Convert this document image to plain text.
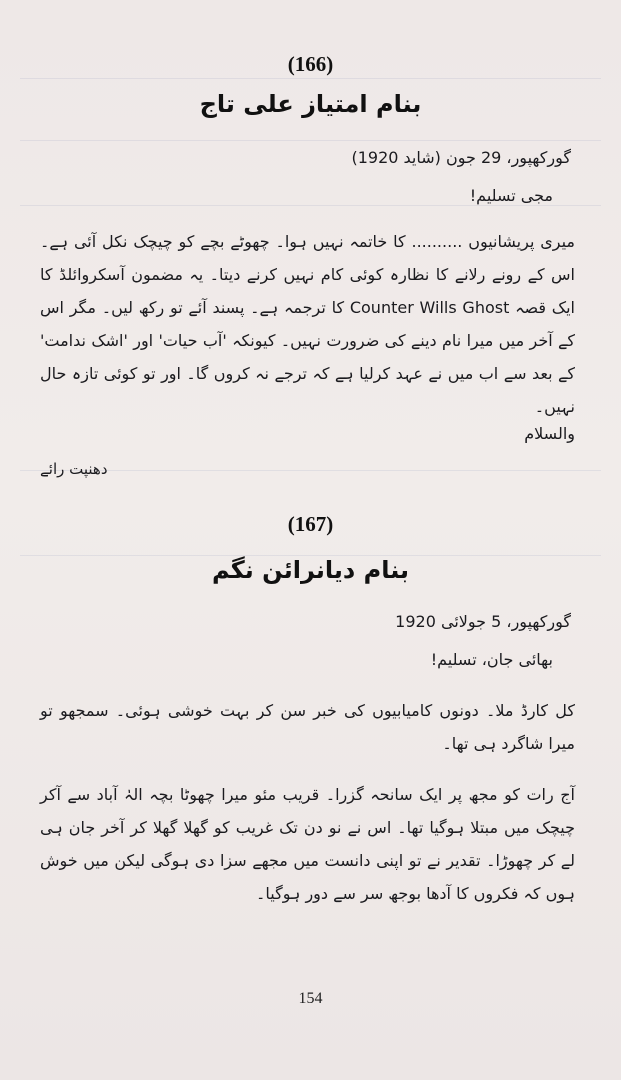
(166)
بنام امتیاز علی تاج
گورکھپور، 29 جون (شاید 1920)
مجی تسلیم!

میری پریشانیوں .......... کا خاتمہ نہیں ہوا۔ چھوٹے بچے کو چیچک نکل آئی ہے۔ اس کے رونے رلانے کا نظارہ کوئی کام نہیں کرنے دیتا۔ یہ مضمون آسکروائلڈ کا ایک قصہ Counter Wills Ghost کا ترجمہ ہے۔ پسند آئے تو رکھ لیں۔ مگر اس کے آخر میں میرا نام دینے کی ضرورت نہیں۔ کیونکہ 'آب حیات' اور 'اشک ندامت' کے بعد سے اب میں نے عہد کرلیا ہے کہ ترجے نہ کروں گا۔ اور تو کوئی تازہ حال نہیں۔

والسلام
دھنپت رائے
(167)
بنام دیانرائن نگم
گورکھپور، 5 جولائی 1920
بھائی جان، تسلیم!

کل کارڈ ملا۔ دونوں کامیابیوں کی خبر سن کر بہت خوشی ہوئی۔ سمجھو تو میرا شاگرد ہی تھا۔

آج رات کو مجھ پر ایک سانحہ گزرا۔ قریب مئو میرا چھوٹا بچہ الہٰ آباد سے آکر چیچک میں مبتلا ہوگیا تھا۔ اس نے نو دن تک غریب کو گھلا گھلا کر آخر جان ہی لے کر چھوڑا۔ تقدیر نے تو اپنی دانست میں مجھے سزا دی ہوگی لیکن میں خوش ہوں کہ فکروں کا آدھا بوجھ سر سے دور ہوگیا۔

154
